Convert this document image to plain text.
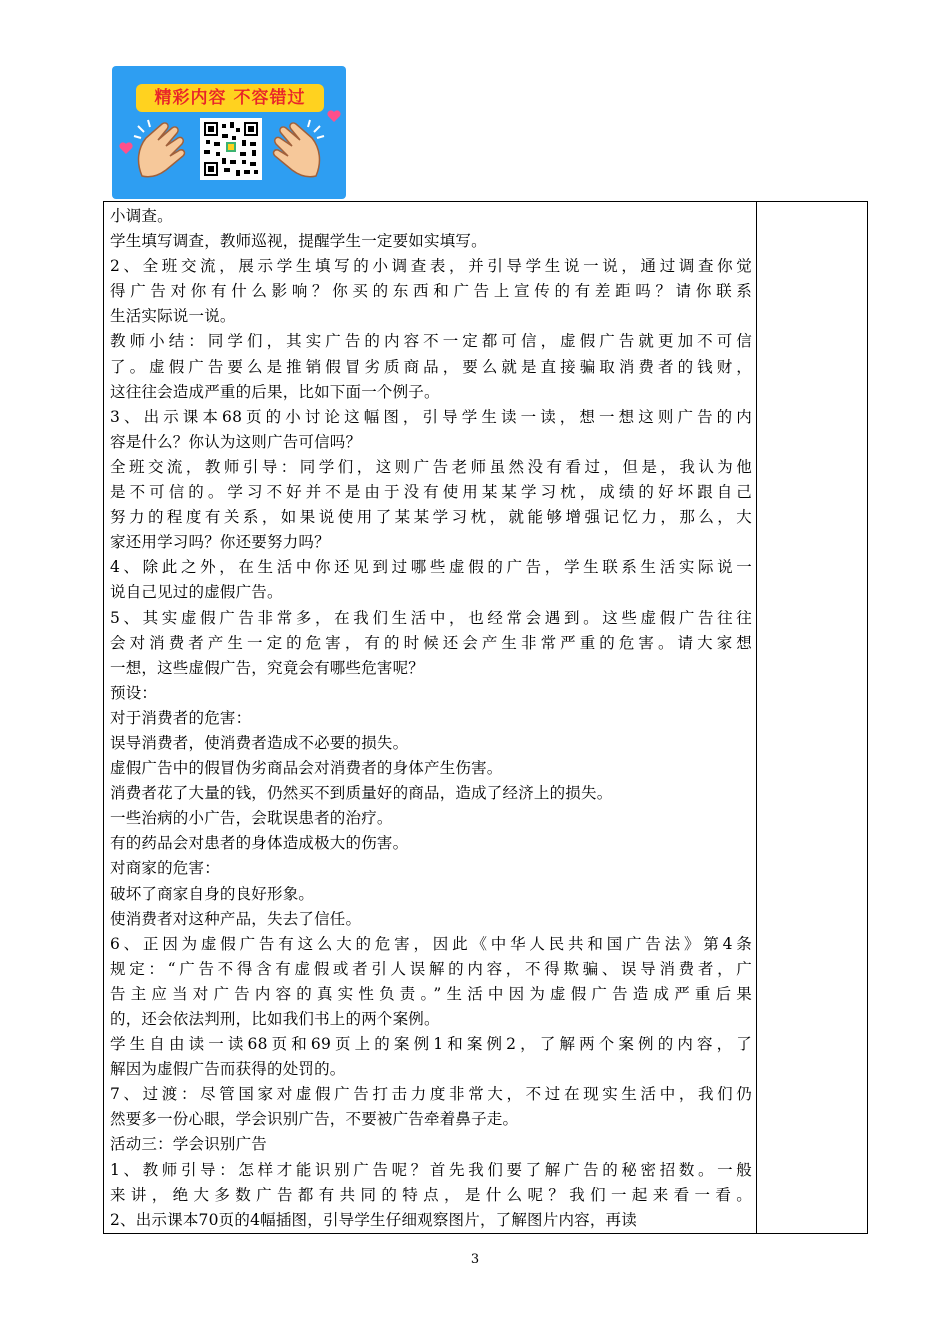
精彩内容 不容错过

小调查。

学生填写调查，教师巡视，提醒学生一定要如实填写。

2、全班交流，展示学生填写的小调查表，并引导学生说一说，通过调查你觉

得广告对你有什么影响？你买的东西和广告上宣传的有差距吗？请你联系

生活实际说一说。

教师小结：同学们，其实广告的内容不一定都可信，虚假广告就更加不可信

了。虚假广告要么是推销假冒劣质商品，要么就是直接骗取消费者的钱财，

这往往会造成严重的后果，比如下面一个例子。

3、出示课本68页的小讨论这幅图，引导学生读一读，想一想这则广告的内

容是什么？你认为这则广告可信吗？

全班交流，教师引导：同学们，这则广告老师虽然没有看过，但是，我认为他

是不可信的。学习不好并不是由于没有使用某某学习枕，成绩的好坏跟自己

努力的程度有关系，如果说使用了某某学习枕，就能够增强记忆力，那么，大

家还用学习吗？你还要努力吗？

4、除此之外，在生活中你还见到过哪些虚假的广告，学生联系生活实际说一

说自己见过的虚假广告。

5、其实虚假广告非常多，在我们生活中，也经常会遇到。这些虚假广告往往

会对消费者产生一定的危害，有的时候还会产生非常严重的危害。请大家想

一想，这些虚假广告，究竟会有哪些危害呢？

预设：

对于消费者的危害：

误导消费者，使消费者造成不必要的损失。

虚假广告中的假冒伪劣商品会对消费者的身体产生伤害。

消费者花了大量的钱，仍然买不到质量好的商品，造成了经济上的损失。

一些治病的小广告，会耽误患者的治疗。

有的药品会对患者的身体造成极大的伤害。

对商家的危害：

破坏了商家自身的良好形象。

使消费者对这种产品，失去了信任。

6、正因为虚假广告有这么大的危害，因此《中华人民共和国广告法》第4条

规定：“广告不得含有虚假或者引人误解的内容，不得欺骗、误导消费者，广

告主应当对广告内容的真实性负责。”生活中因为虚假广告造成严重后果

的，还会依法判刑，比如我们书上的两个案例。

学生自由读一读68页和69页上的案例1和案例2，了解两个案例的内容，了

解因为虚假广告而获得的处罚的。

7、过渡：尽管国家对虚假广告打击力度非常大，不过在现实生活中，我们仍

然要多一份心眼，学会识别广告，不要被广告牵着鼻子走。

活动三：学会识别广告

1、教师引导：怎样才能识别广告呢？首先我们要了解广告的秘密招数。一般

来讲，绝大多数广告都有共同的特点，是什么呢？我们一起来看一看。

2、出示课本70页的4幅插图，引导学生仔细观察图片，了解图片内容，再读

3
